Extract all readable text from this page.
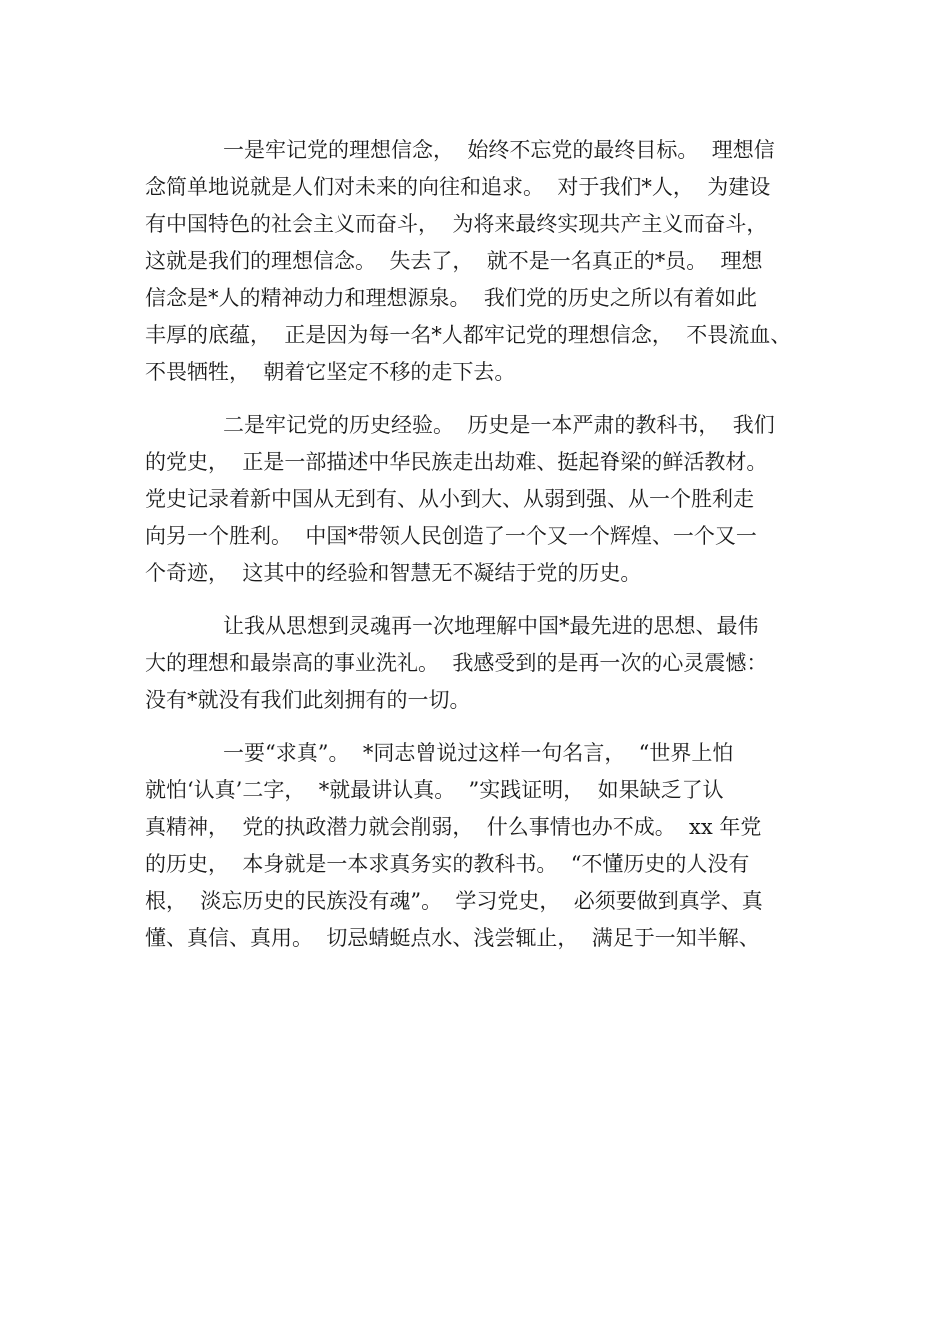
一是牢记党的理想信念，  始终不忘党的最终目标。  理想信
念简单地说就是人们对未来的向往和追求。  对于我们*人，  为建设
有中国特色的社会主义而奋斗，  为将来最终实现共产主义而奋斗，
这就是我们的理想信念。  失去了，  就不是一名真正的*员。  理想
信念是*人的精神动力和理想源泉。  我们党的历史之所以有着如此
丰厚的底蕴，  正是因为每一名*人都牢记党的理想信念，  不畏流血、
不畏牺牲，  朝着它坚定不移的走下去。
二是牢记党的历史经验。  历史是一本严肃的教科书，  我们
的党史，  正是一部描述中华民族走出劫难、挺起脊梁的鲜活教材。
党史记录着新中国从无到有、从小到大、从弱到强、从一个胜利走
向另一个胜利。  中国*带领人民创造了一个又一个辉煌、一个又一
个奇迹，  这其中的经验和智慧无不凝结于党的历史。
让我从思想到灵魂再一次地理解中国*最先进的思想、最伟
大的理想和最崇高的事业洗礼。  我感受到的是再一次的心灵震憾：
没有*就没有我们此刻拥有的一切。
一要“求真”。  *同志曾说过这样一句名言，  “世界上怕
就怕‘认真’二字，  *就最讲认真。  ”实践证明，  如果缺乏了认
真精神，  党的执政潜力就会削弱，  什么事情也办不成。  xx 年党
的历史，  本身就是一本求真务实的教科书。  “不懂历史的人没有
根，  淡忘历史的民族没有魂”。  学习党史，  必须要做到真学、真
懂、真信、真用。  切忌蜻蜓点水、浅尝辄止，  满足于一知半解、
